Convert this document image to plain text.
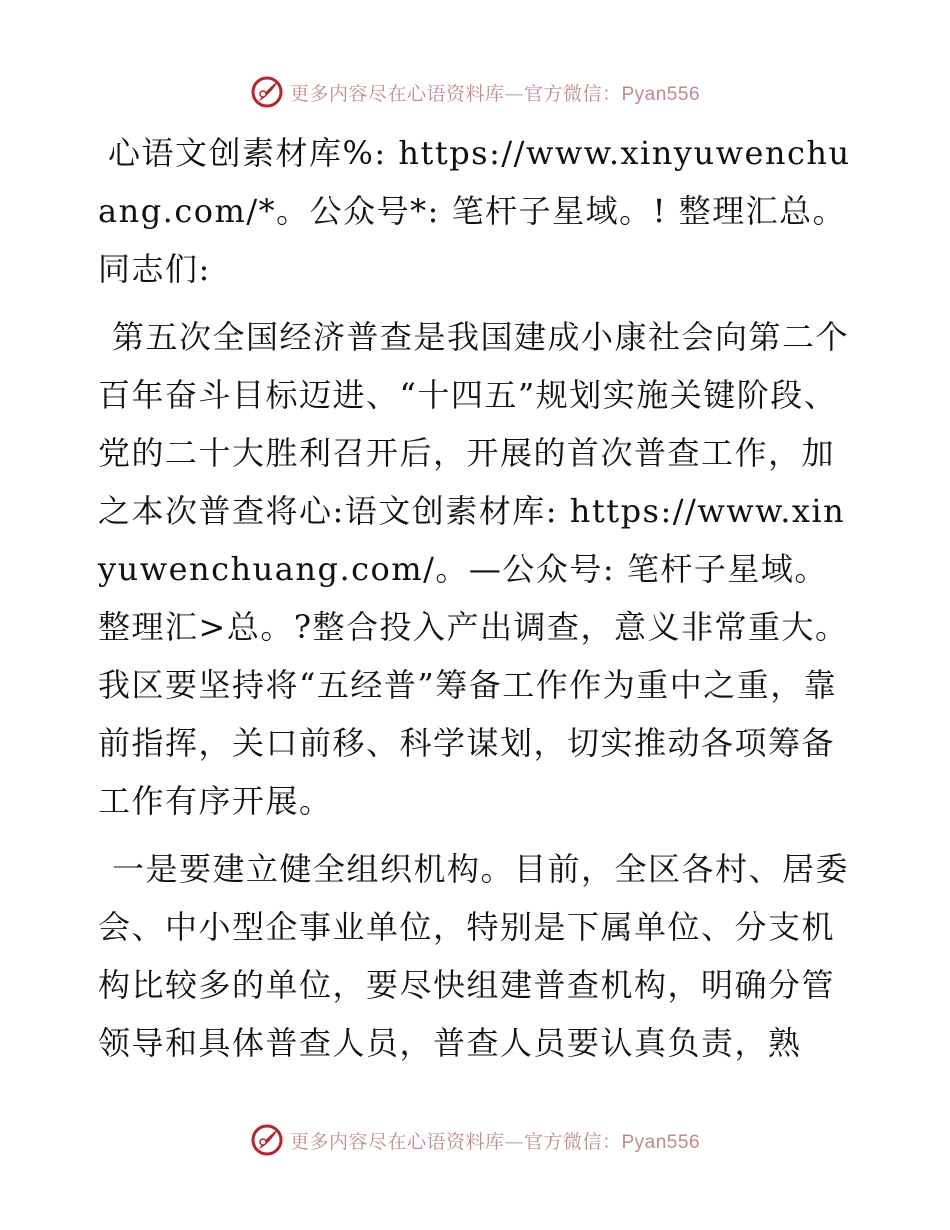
更多内容尽在心语资料库—官方微信：Pyan556

心语文创素材库%: https://www.xinyuwenchuang.com/*。公众号*: 笔杆子星域。! 整理汇总。同志们:

第五次全国经济普查是我国建成小康社会向第二个百年奋斗目标迈进、“十四五”规划实施关键阶段、党的二十大胜利召开后，开展的首次普查工作，加之本次普查将心:语文创素材库: https://www.xinyuwenchuang.com/。—公众号: 笔杆子星域。整理汇>总。?整合投入产出调查，意义非常重大。我区要坚持将“五经普”筹备工作作为重中之重，靠前指挥，关口前移、科学谋划，切实推动各项筹备工作有序开展。

一是要建立健全组织机构。目前，全区各村、居委会、中小型企事业单位，特别是下属单位、分支机构比较多的单位，要尽快组建普查机构，明确分管领导和具体普查人员，普查人员要认真负责，熟

更多内容尽在心语资料库—官方微信：Pyan556
